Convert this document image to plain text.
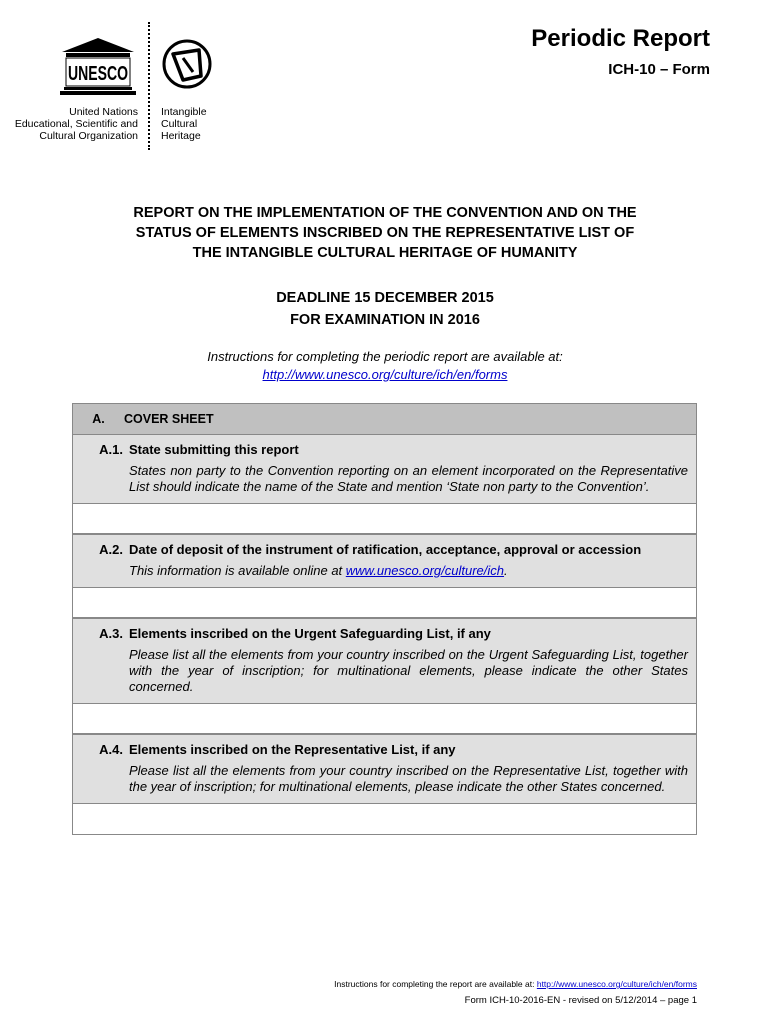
UNESCO
United Nations
Educational, Scientific and
Cultural Organization
Intangible
Cultural
Heritage
Periodic Report
ICH-10 – Form
REPORT ON THE IMPLEMENTATION OF THE CONVENTION AND ON THE
STATUS OF ELEMENTS INSCRIBED ON THE REPRESENTATIVE LIST OF
THE INTANGIBLE CULTURAL HERITAGE OF HUMANITY
DEADLINE 15 DECEMBER 2015
FOR EXAMINATION IN 2016
Instructions for completing the periodic report are available at:
http://www.unesco.org/culture/ich/en/forms
A.	COVER SHEET
A.1. State submitting this report
States non party to the Convention reporting on an element incorporated on the Representative List should indicate the name of the State and mention ‘State non party to the Convention’.
A.2. Date of deposit of the instrument of ratification, acceptance, approval or accession
This information is available online at www.unesco.org/culture/ich.
A.3. Elements inscribed on the Urgent Safeguarding List, if any
Please list all the elements from your country inscribed on the Urgent Safeguarding List, together with the year of inscription; for multinational elements, please indicate the other States concerned.
A.4. Elements inscribed on the Representative List, if any
Please list all the elements from your country inscribed on the Representative List, together with the year of inscription; for multinational elements, please indicate the other States concerned.
Instructions for completing the report are available at: http://www.unesco.org/culture/ich/en/forms
Form ICH-10-2016-EN - revised on 5/12/2014 – page 1
